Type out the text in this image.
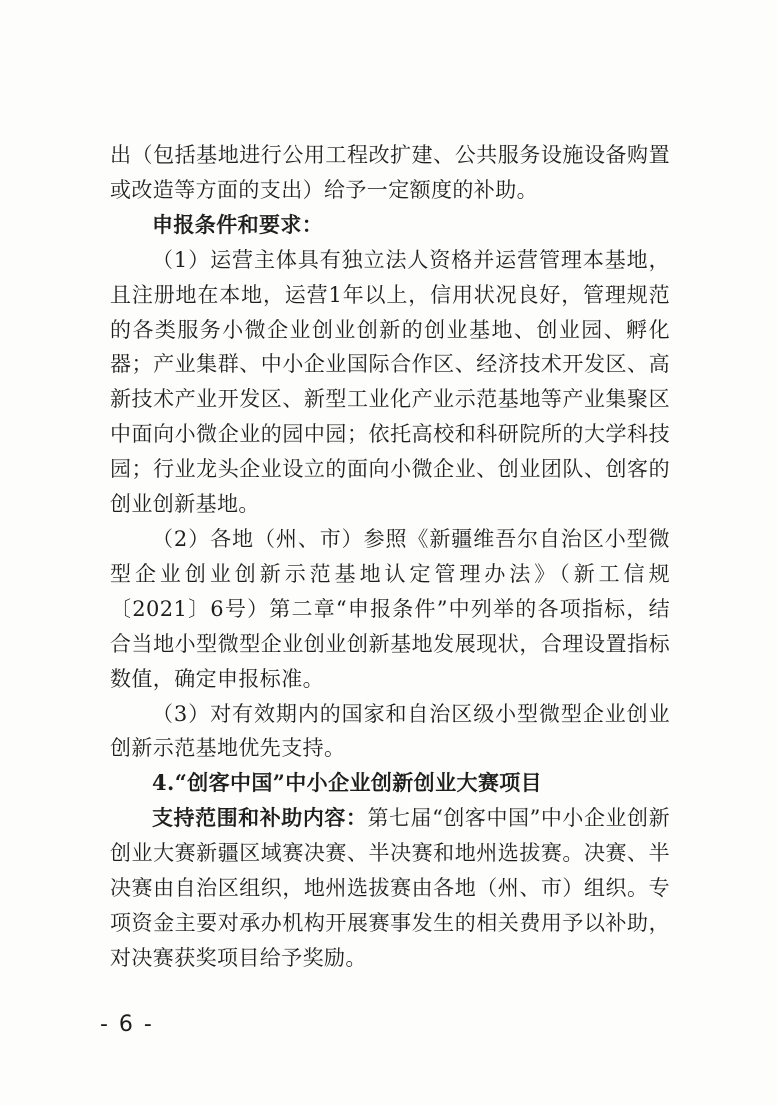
出（包括基地进行公用工程改扩建、公共服务设施设备购置或改造等方面的支出）给予一定额度的补助。

申报条件和要求：

（1）运营主体具有独立法人资格并运营管理本基地，且注册地在本地，运营1年以上，信用状况良好，管理规范的各类服务小微企业创业创新的创业基地、创业园、孵化器；产业集群、中小企业国际合作区、经济技术开发区、高新技术产业开发区、新型工业化产业示范基地等产业集聚区中面向小微企业的园中园；依托高校和科研院所的大学科技园；行业龙头企业设立的面向小微企业、创业团队、创客的创业创新基地。

（2）各地（州、市）参照《新疆维吾尔自治区小型微型企业创业创新示范基地认定管理办法》（新工信规〔2021〕6号）第二章“申报条件”中列举的各项指标，结合当地小型微型企业创业创新基地发展现状，合理设置指标数值，确定申报标准。

（3）对有效期内的国家和自治区级小型微型企业创业创新示范基地优先支持。

4.“创客中国”中小企业创新创业大赛项目

支持范围和补助内容：第七届“创客中国”中小企业创新创业大赛新疆区域赛决赛、半决赛和地州选拔赛。决赛、半决赛由自治区组织，地州选拔赛由各地（州、市）组织。专项资金主要对承办机构开展赛事发生的相关费用予以补助，对决赛获奖项目给予奖励。

- 6 -
